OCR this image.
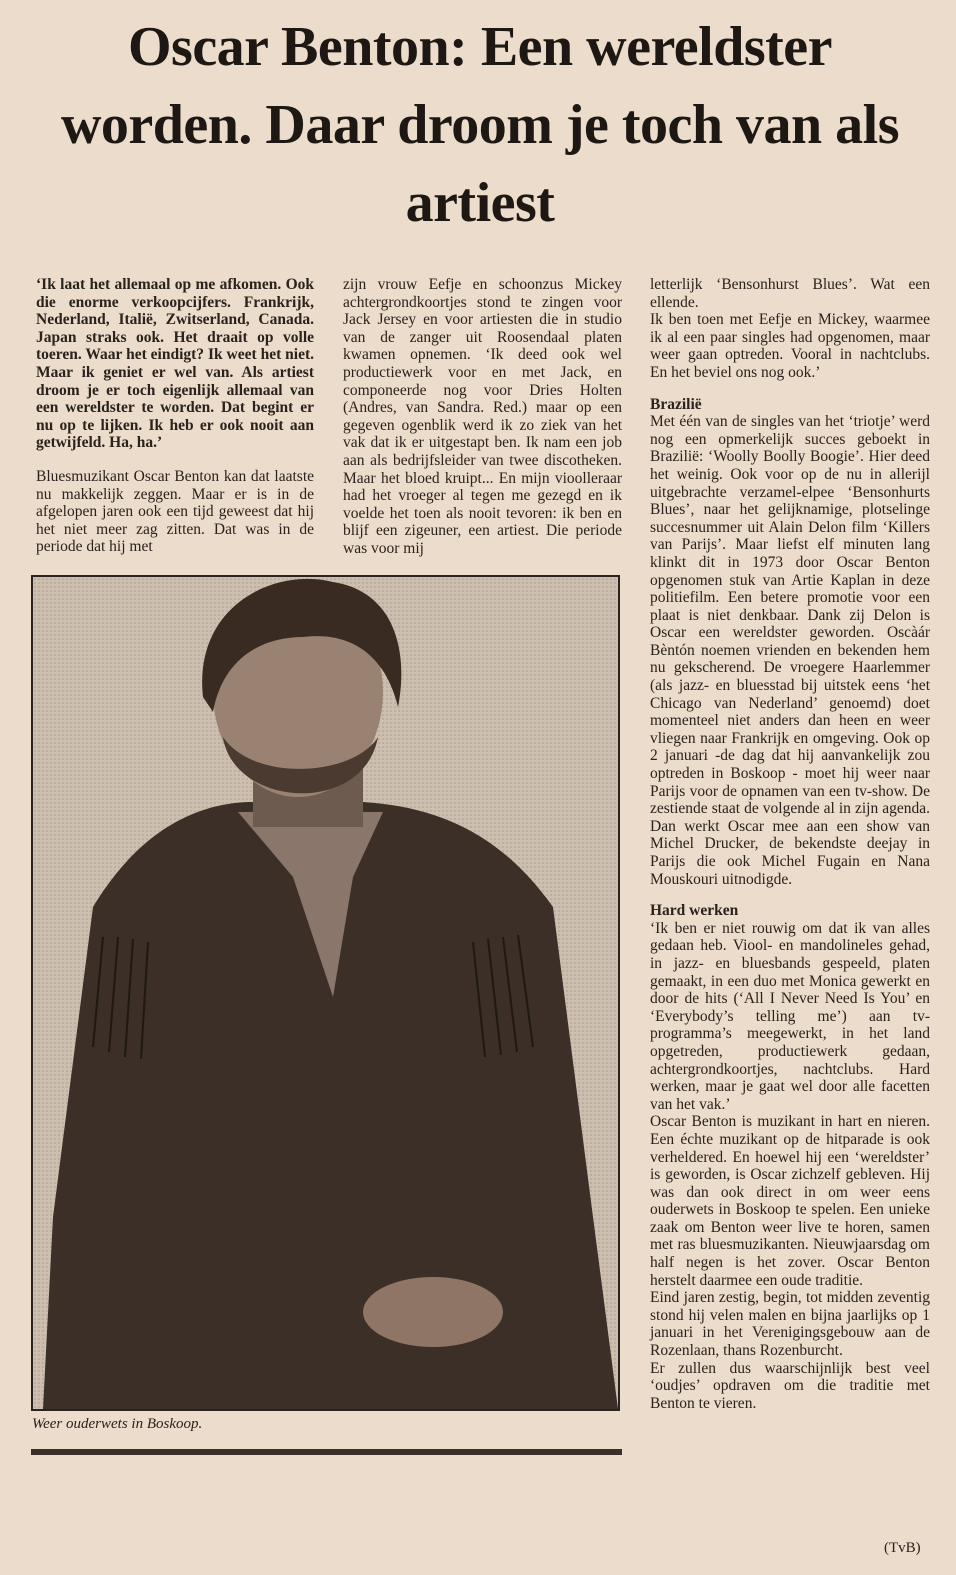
Oscar Benton: Een wereldster worden. Daar droom je toch van als artiest

‘Ik laat het allemaal op me afkomen. Ook die enorme verkoopcijfers. Frankrijk, Nederland, Italië, Zwitserland, Canada. Japan straks ook. Het draait op volle toeren. Waar het eindigt? Ik weet het niet. Maar ik geniet er wel van. Als artiest droom je er toch eigenlijk allemaal van een wereldster te worden. Dat begint er nu op te lijken. Ik heb er ook nooit aan getwijfeld. Ha, ha.’

Bluesmuzikant Oscar Benton kan dat laatste nu makkelijk zeggen. Maar er is in de afgelopen jaren ook een tijd geweest dat hij het niet meer zag zitten. Dat was in de periode dat hij met

zijn vrouw Eefje en schoonzus Mickey achtergrondkoortjes stond te zingen voor Jack Jersey en voor artiesten die in studio van de zanger uit Roosendaal platen kwamen opnemen. ‘Ik deed ook wel productiewerk voor en met Jack, en componeerde nog voor Dries Holten (Andres, van Sandra. Red.) maar op een gegeven ogenblik werd ik zo ziek van het vak dat ik er uitgestapt ben. Ik nam een job aan als bedrijfsleider van twee discotheken. Maar het bloed kruipt... En mijn vioolleraar had het vroeger al tegen me gezegd en ik voelde het toen als nooit tevoren: ik ben en blijf een zigeuner, een artiest. Die periode was voor mij

letterlijk ‘Bensonhurst Blues’. Wat een ellende.

Ik ben toen met Eefje en Mickey, waarmee ik al een paar singles had opgenomen, maar weer gaan optreden. Vooral in nachtclubs. En het beviel ons nog ook.’

Brazilië

Met één van de singles van het ‘triotje’ werd nog een opmerkelijk succes geboekt in Brazilië: ‘Woolly Boolly Boogie’. Hier deed het weinig. Ook voor op de nu in allerijl uitgebrachte verzamel-elpee ‘Bensonhurts Blues’, naar het gelijknamige, plotselinge succesnummer uit Alain Delon film ‘Killers van Parijs’. Maar liefst elf minuten lang klinkt dit in 1973 door Oscar Benton opgenomen stuk van Artie Kaplan in deze politiefilm. Een betere promotie voor een plaat is niet denkbaar. Dank zij Delon is Oscar een wereldster geworden. Oscàár Bèntón noemen vrienden en bekenden hem nu gekscherend. De vroegere Haarlemmer (als jazz- en bluesstad bij uitstek eens ‘het Chicago van Nederland’ genoemd) doet momenteel niet anders dan heen en weer vliegen naar Frankrijk en omgeving. Ook op 2 januari -de dag dat hij aanvankelijk zou optreden in Boskoop - moet hij weer naar Parijs voor de opnamen van een tv-show. De zestiende staat de volgende al in zijn agenda. Dan werkt Oscar mee aan een show van Michel Drucker, de bekendste deejay in Parijs die ook Michel Fugain en Nana Mouskouri uitnodigde.

Hard werken

‘Ik ben er niet rouwig om dat ik van alles gedaan heb. Viool- en mandolineles gehad, in jazz- en bluesbands gespeeld, platen gemaakt, in een duo met Monica gewerkt en door de hits (‘All I Never Need Is You’ en ‘Everybody’s telling me’) aan tv-programma’s meegewerkt, in het land opgetreden, productiewerk gedaan, achtergrondkoortjes, nachtclubs. Hard werken, maar je gaat wel door alle facetten van het vak.’

Oscar Benton is muzikant in hart en nieren. Een échte muzikant op de hitparade is ook verheldered. En hoewel hij een ‘wereldster’ is geworden, is Oscar zichzelf gebleven. Hij was dan ook direct in om weer eens ouderwets in Boskoop te spelen. Een unieke zaak om Benton weer live te horen, samen met ras bluesmuzikanten. Nieuwjaarsdag om half negen is het zover. Oscar Benton herstelt daarmee een oude traditie.

Eind jaren zestig, begin, tot midden zeventig stond hij velen malen en bijna jaarlijks op 1 januari in het Verenigingsgebouw aan de Rozenlaan, thans Rozenburcht.

Er zullen dus waarschijnlijk best veel ‘oudjes’ opdraven om die traditie met Benton te vieren.

Weer ouderwets in Boskoop.
(TvB)
